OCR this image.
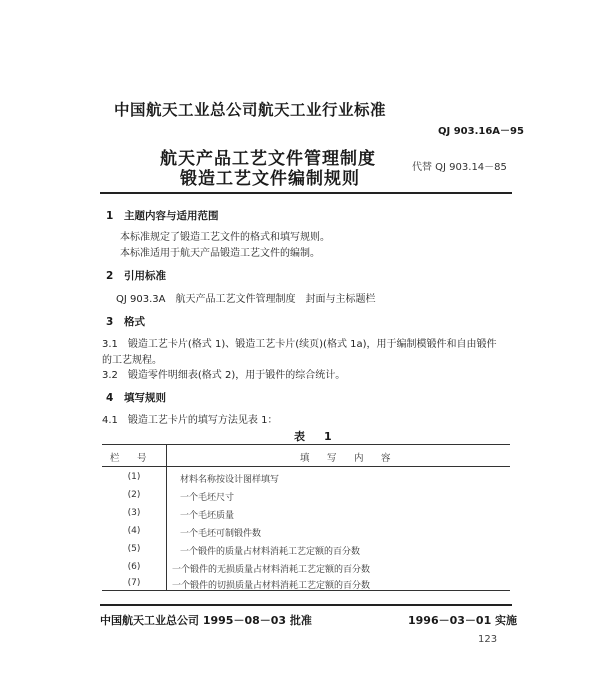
中国航天工业总公司航天工业行业标准
QJ 903.16A－95
航天产品工艺文件管理制度
锻造工艺文件编制规则
代替 QJ 903.14－85
1 主题内容与适用范围
本标准规定了锻造工艺文件的格式和填写规则。
本标准适用于航天产品锻造工艺文件的编制。
2 引用标准
QJ 903.3A　航天产品工艺文件管理制度　封面与主标题栏
3 格式
3.1　锻造工艺卡片(格式 1)、锻造工艺卡片(续页)(格式 1a)，用于编制模锻件和自由锻件
的工艺规程。
3.2　锻造零件明细表(格式 2)，用于锻件的综合统计。
4 填写规则
4.1　锻造工艺卡片的填写方法见表 1：
表　1
栏　号	填　写　内　容
(1)	材料名称按设计图样填写
(2)	一个毛坯尺寸
(3)	一个毛坯质量
(4)	一个毛坯可制锻件数
(5)	一个锻件的质量占材料消耗工艺定额的百分数
(6)	一个锻件的无损质量占材料消耗工艺定额的百分数
(7)	一个锻件的切损质量占材料消耗工艺定额的百分数
中国航天工业总公司 1995－08－03 批准	1996－03－01 实施
123
